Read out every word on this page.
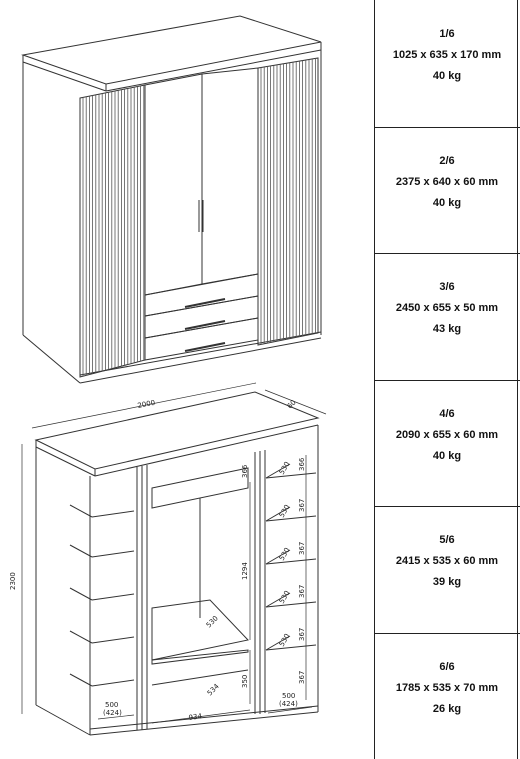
2000	60
2300
500
(424)	934
500
(424)
1294
366
350
530
534
530
530
530
530
530
366
367
367
367
367
367
1/6
1025 x 635 x 170 mm
40 kg
2/6
2375 x 640 x 60 mm
40 kg
3/6
2450 x 655 x 50 mm
43 kg
4/6
2090 x 655 x 60 mm
40 kg
5/6
2415 x 535 x 60 mm
39 kg
6/6
1785 x 535 x 70 mm
26 kg
